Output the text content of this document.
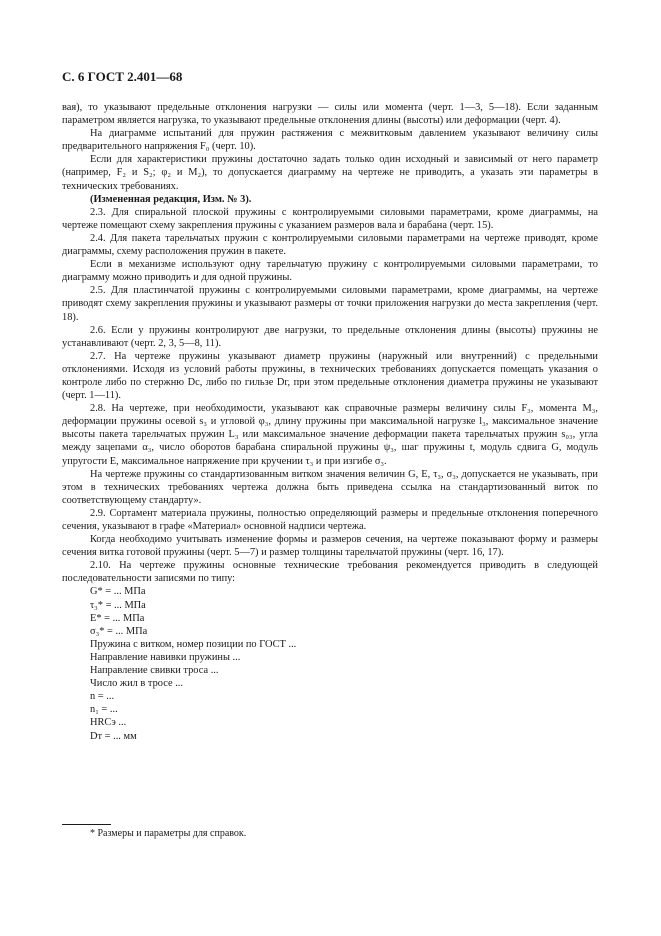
С. 6 ГОСТ 2.401—68

вая), то указывают предельные отклонения нагрузки — силы или момента (черт. 1—3, 5—18). Если заданным параметром является нагрузка, то указывают предельные отклонения длины (высоты) или деформации (черт. 4).

На диаграмме испытаний для пружин растяжения с межвитковым давлением указывают величину силы предварительного напряжения F₀ (черт. 10).

Если для характеристики пружины достаточно задать только один исходный и зависимый от него параметр (например, F₂ и S₂; φ₂ и M₂), то допускается диаграмму на чертеже не приводить, а указать эти параметры в технических требованиях.

(Измененная редакция, Изм. № 3).

2.3. Для спиральной плоской пружины с контролируемыми силовыми параметрами, кроме диаграммы, на чертеже помещают схему закрепления пружины с указанием размеров вала и барабана (черт. 15).

2.4. Для пакета тарельчатых пружин с контролируемыми силовыми параметрами на чертеже приводят, кроме диаграммы, схему расположения пружин в пакете.

Если в механизме используют одну тарельчатую пружину с контролируемыми силовыми параметрами, то диаграмму можно приводить и для одной пружины.

2.5. Для пластинчатой пружины с контролируемыми силовыми параметрами, кроме диаграммы, на чертеже приводят схему закрепления пружины и указывают размеры от точки приложения нагрузки до места закрепления (черт. 18).

2.6. Если у пружины контролируют две нагрузки, то предельные отклонения длины (высоты) пружины не устанавливают (черт. 2, 3, 5—8, 11).

2.7. На чертеже пружины указывают диаметр пружины (наружный или внутренний) с предельными отклонениями. Исходя из условий работы пружины, в технических требованиях допускается помещать указания о контроле либо по стержню Dс, либо по гильзе Dг, при этом предельные отклонения диаметра пружины не указывают (черт. 1—11).

2.8. На чертеже, при необходимости, указывают как справочные размеры величину силы F₃, момента M₃, деформации пружины осевой s₃ и угловой φ₃, длину пружины при максимальной нагрузке l₃, максимальное значение высоты пакета тарельчатых пружин L₃ или максимальное значение деформации пакета тарельчатых пружин s₀₃, угла между зацепами α₃, число оборотов барабана спиральной пружины ψ₃, шаг пружины t, модуль сдвига G, модуль упругости E, максимальное напряжение при кручении τ₃ и при изгибе σ₃.

На чертеже пружины со стандартизованным витком значения величин G, E, τ₃, σ₃, допускается не указывать, при этом в технических требованиях чертежа должна быть приведена ссылка на стандартизованный виток по соответствующему стандарту».

2.9. Сортамент материала пружины, полностью определяющий размеры и предельные отклонения поперечного сечения, указывают в графе «Материал» основной надписи чертежа.

Когда необходимо учитывать изменение формы и размеров сечения, на чертеже показывают форму и размеры сечения витка готовой пружины (черт. 5—7) и размер толщины тарельчатой пружины (черт. 16, 17).

2.10. На чертеже пружины основные технические требования рекомендуется приводить в следующей последовательности записями по типу:

G* = ... МПа
τ₃* = ... МПа
E* = ... МПа
σ₃* = ... МПа
Пружина с витком, номер позиции по ГОСТ ...
Направление навивки пружины ...
Направление свивки троса ...
Число жил в тросе ...
n = ...
n₁ = ...
HRCэ ...
Dт = ... мм
* Размеры и параметры для справок.
